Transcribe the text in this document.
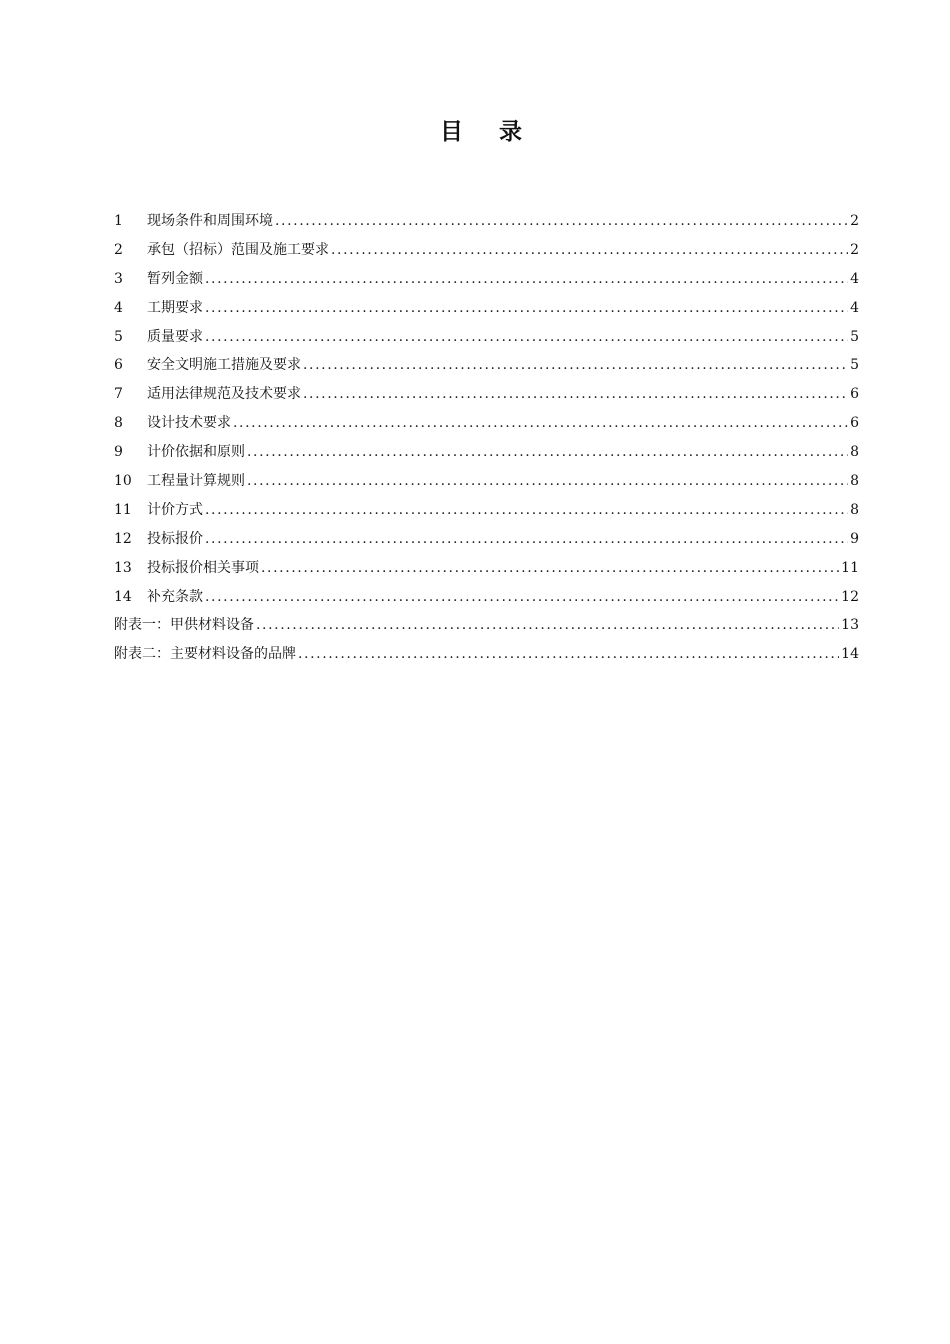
目 录
1	现场条件和周围环境 .....	2
2	承包（招标）范围及施工要求 .....	2
3	暂列金额 .....	4
4	工期要求 .....	4
5	质量要求 .....	5
6	安全文明施工措施及要求 .....	5
7	适用法律规范及技术要求 .....	6
8	设计技术要求 .....	6
9	计价依据和原则 .....	8
10	工程量计算规则 .....	8
11	计价方式 .....	8
12	投标报价 .....	9
13	投标报价相关事项 .....	11
14	补充条款 .....	12
附表一：甲供材料设备 .....	13
附表二：主要材料设备的品牌 .....	14
